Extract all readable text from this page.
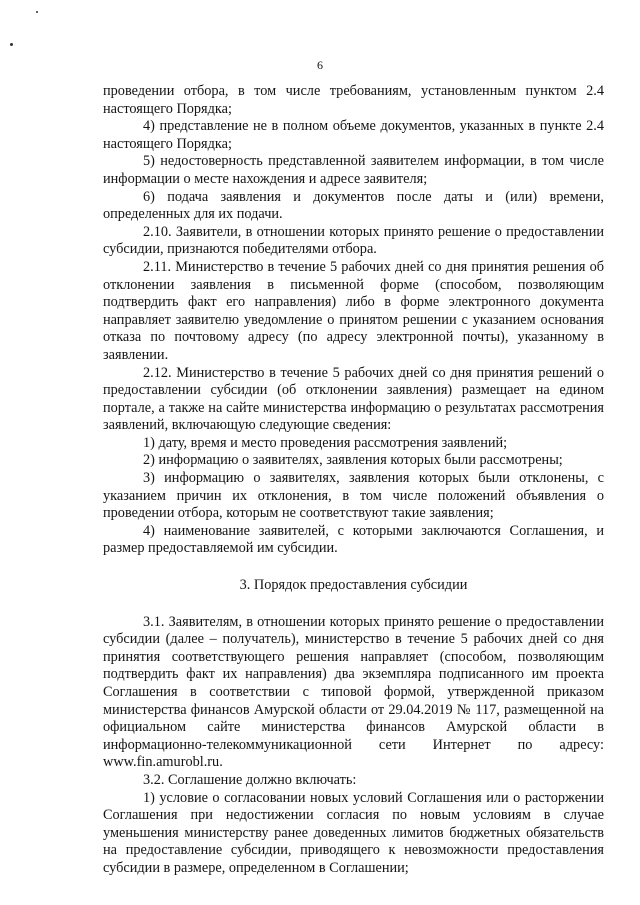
6

проведении отбора, в том числе требованиям, установленным пунктом 2.4 настоящего Порядка;

4) представление не в полном объеме документов, указанных в пункте 2.4 настоящего Порядка;

5) недостоверность представленной заявителем информации, в том числе информации о месте нахождения и адресе заявителя;

6) подача заявления и документов после даты и (или) времени, определенных для их подачи.

2.10. Заявители, в отношении которых принято решение о предоставлении субсидии, признаются победителями отбора.

2.11. Министерство в течение 5 рабочих дней со дня принятия решения об отклонении заявления в письменной форме (способом, позволяющим подтвердить факт его направления) либо в форме электронного документа направляет заявителю уведомление о принятом решении с указанием основания отказа по почтовому адресу (по адресу электронной почты), указанному в заявлении.

2.12. Министерство в течение 5 рабочих дней со дня принятия решений о предоставлении субсидии (об отклонении заявления) размещает на едином портале, а также на сайте министерства информацию о результатах рассмотрения заявлений, включающую следующие сведения:

1) дату, время и место проведения рассмотрения заявлений;

2) информацию о заявителях, заявления которых были рассмотрены;

3) информацию о заявителях, заявления которых были отклонены, с указанием причин их отклонения, в том числе положений объявления о проведении отбора, которым не соответствуют такие заявления;

4) наименование заявителей, с которыми заключаются Соглашения, и размер предоставляемой им субсидии.

3. Порядок предоставления субсидии

3.1. Заявителям, в отношении которых принято решение о предоставлении субсидии (далее – получатель), министерство в течение 5 рабочих дней со дня принятия соответствующего решения направляет (способом, позволяющим подтвердить факт их направления) два экземпляра подписанного им проекта Соглашения в соответствии с типовой формой, утвержденной приказом министерства финансов Амурской области от 29.04.2019 № 117, размещенной на официальном сайте министерства финансов Амурской области в информационно-телекоммуникационной сети Интернет по адресу: www.fin.amurobl.ru.

3.2. Соглашение должно включать:

1) условие о согласовании новых условий Соглашения или о расторжении Соглашения при недостижении согласия по новым условиям в случае уменьшения министерству ранее доведенных лимитов бюджетных обязательств на предоставление субсидии, приводящего к невозможности предоставления субсидии в размере, определенном в Соглашении;
